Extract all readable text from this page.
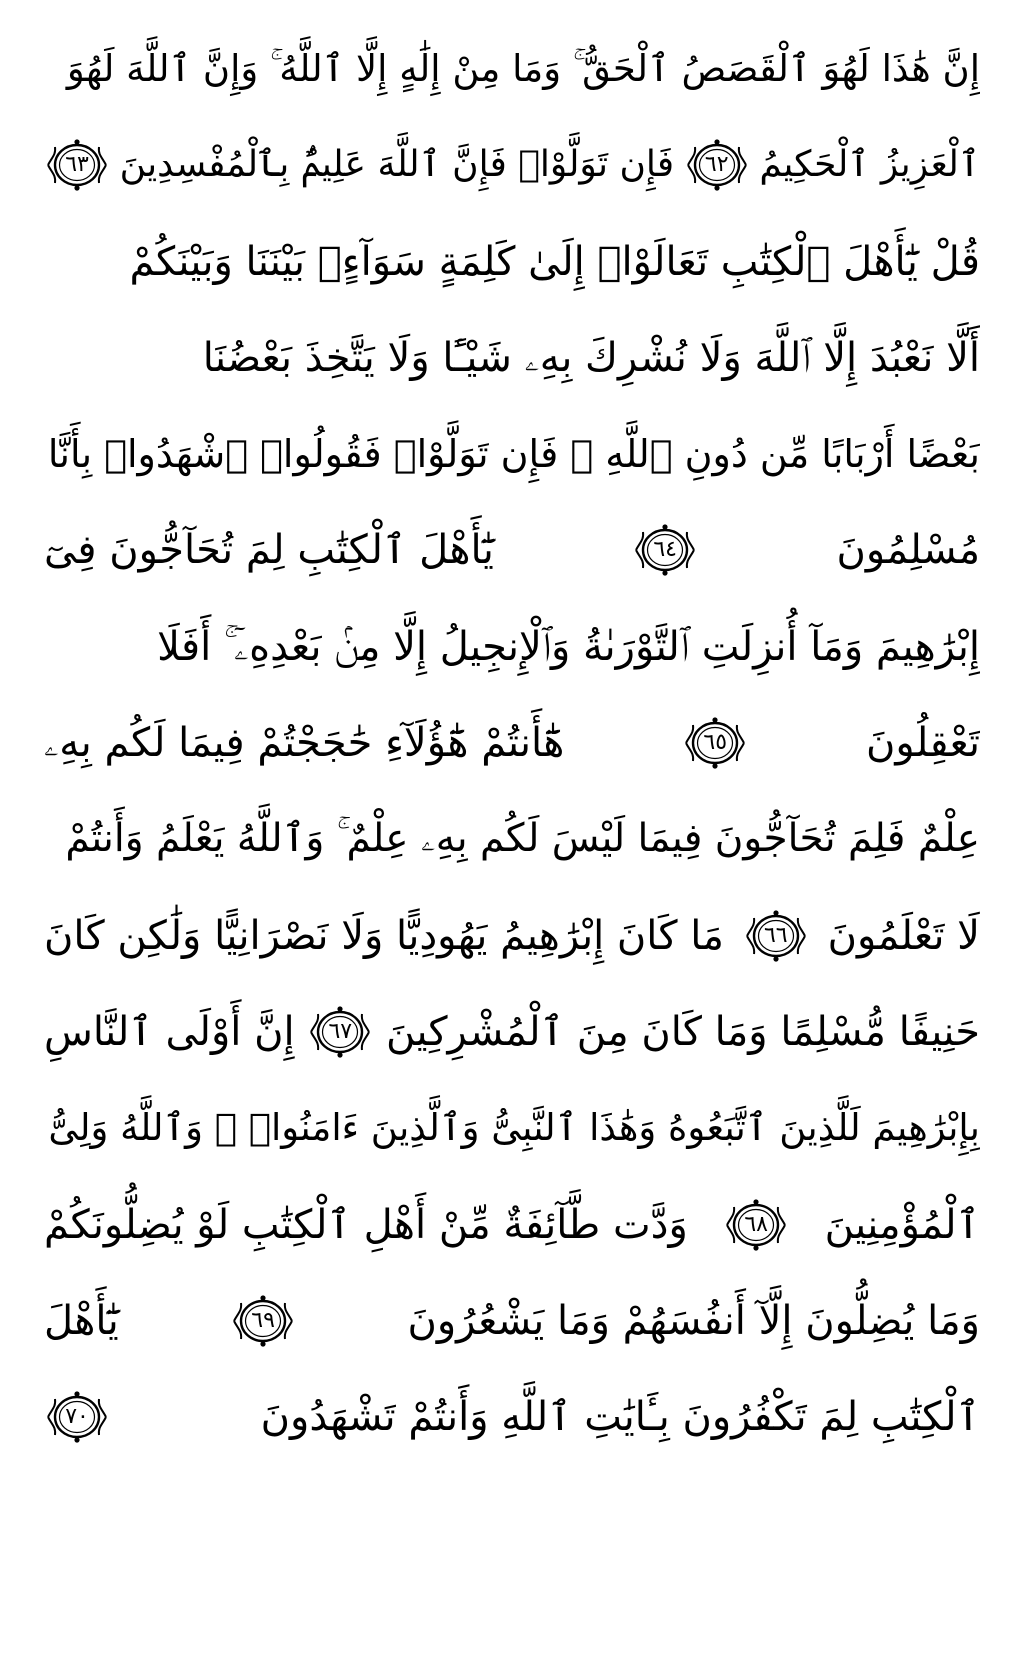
إِنَّ هَٰذَا لَهُوَ ٱلْقَصَصُ ٱلْحَقُّ ۚ وَمَا مِنْ إِلَٰهٍ إِلَّا ٱللَّهُ ۚ وَإِنَّ ٱللَّهَ لَهُوَ
ٱلْعَزِيزُ ٱلْحَكِيمُ
٦٢
فَإِن تَوَلَّوْا۟ فَإِنَّ ٱللَّهَ عَلِيمٌۢ بِٱلْمُفْسِدِينَ
٦٣
قُلْ يَٰٓأَهْلَ ٱلْكِتَٰبِ تَعَالَوْا۟ إِلَىٰ كَلِمَةٍ سَوَآءٍۭ بَيْنَنَا وَبَيْنَكُمْ
أَلَّا نَعْبُدَ إِلَّا ٱللَّهَ وَلَا نُشْرِكَ بِهِۦ شَيْـًٔا وَلَا يَتَّخِذَ بَعْضُنَا
بَعْضًا أَرْبَابًا مِّن دُونِ ٱللَّهِ ۚ فَإِن تَوَلَّوْا۟ فَقُولُوا۟ ٱشْهَدُوا۟ بِأَنَّا
مُسْلِمُونَ
٦٤
يَٰٓأَهْلَ ٱلْكِتَٰبِ لِمَ تُحَآجُّونَ فِىٓ
إِبْرَٰهِيمَ وَمَآ أُنزِلَتِ ٱلتَّوْرَىٰةُ وَٱلْإِنجِيلُ إِلَّا مِنۢ بَعْدِهِۦٓ ۚ أَفَلَا
تَعْقِلُونَ
٦٥
هَٰٓأَنتُمْ هَٰٓؤُلَآءِ حَٰجَجْتُمْ فِيمَا لَكُم بِهِۦ
عِلْمٌ فَلِمَ تُحَآجُّونَ فِيمَا لَيْسَ لَكُم بِهِۦ عِلْمٌ ۚ وَٱللَّهُ يَعْلَمُ وَأَنتُمْ
لَا تَعْلَمُونَ
٦٦
مَا كَانَ إِبْرَٰهِيمُ يَهُودِيًّا وَلَا نَصْرَانِيًّا وَلَٰكِن كَانَ
حَنِيفًا مُّسْلِمًا وَمَا كَانَ مِنَ ٱلْمُشْرِكِينَ
٦٧
إِنَّ أَوْلَى ٱلنَّاسِ
بِإِبْرَٰهِيمَ لَلَّذِينَ ٱتَّبَعُوهُ وَهَٰذَا ٱلنَّبِىُّ وَٱلَّذِينَ ءَامَنُوا۟ ۗ وَٱللَّهُ وَلِىُّ
ٱلْمُؤْمِنِينَ
٦٨
وَدَّت طَّآئِفَةٌ مِّنْ أَهْلِ ٱلْكِتَٰبِ لَوْ يُضِلُّونَكُمْ
وَمَا يُضِلُّونَ إِلَّآ أَنفُسَهُمْ وَمَا يَشْعُرُونَ
٦٩
يَٰٓأَهْلَ
ٱلْكِتَٰبِ لِمَ تَكْفُرُونَ بِـَٔايَٰتِ ٱللَّهِ وَأَنتُمْ تَشْهَدُونَ
٧٠
